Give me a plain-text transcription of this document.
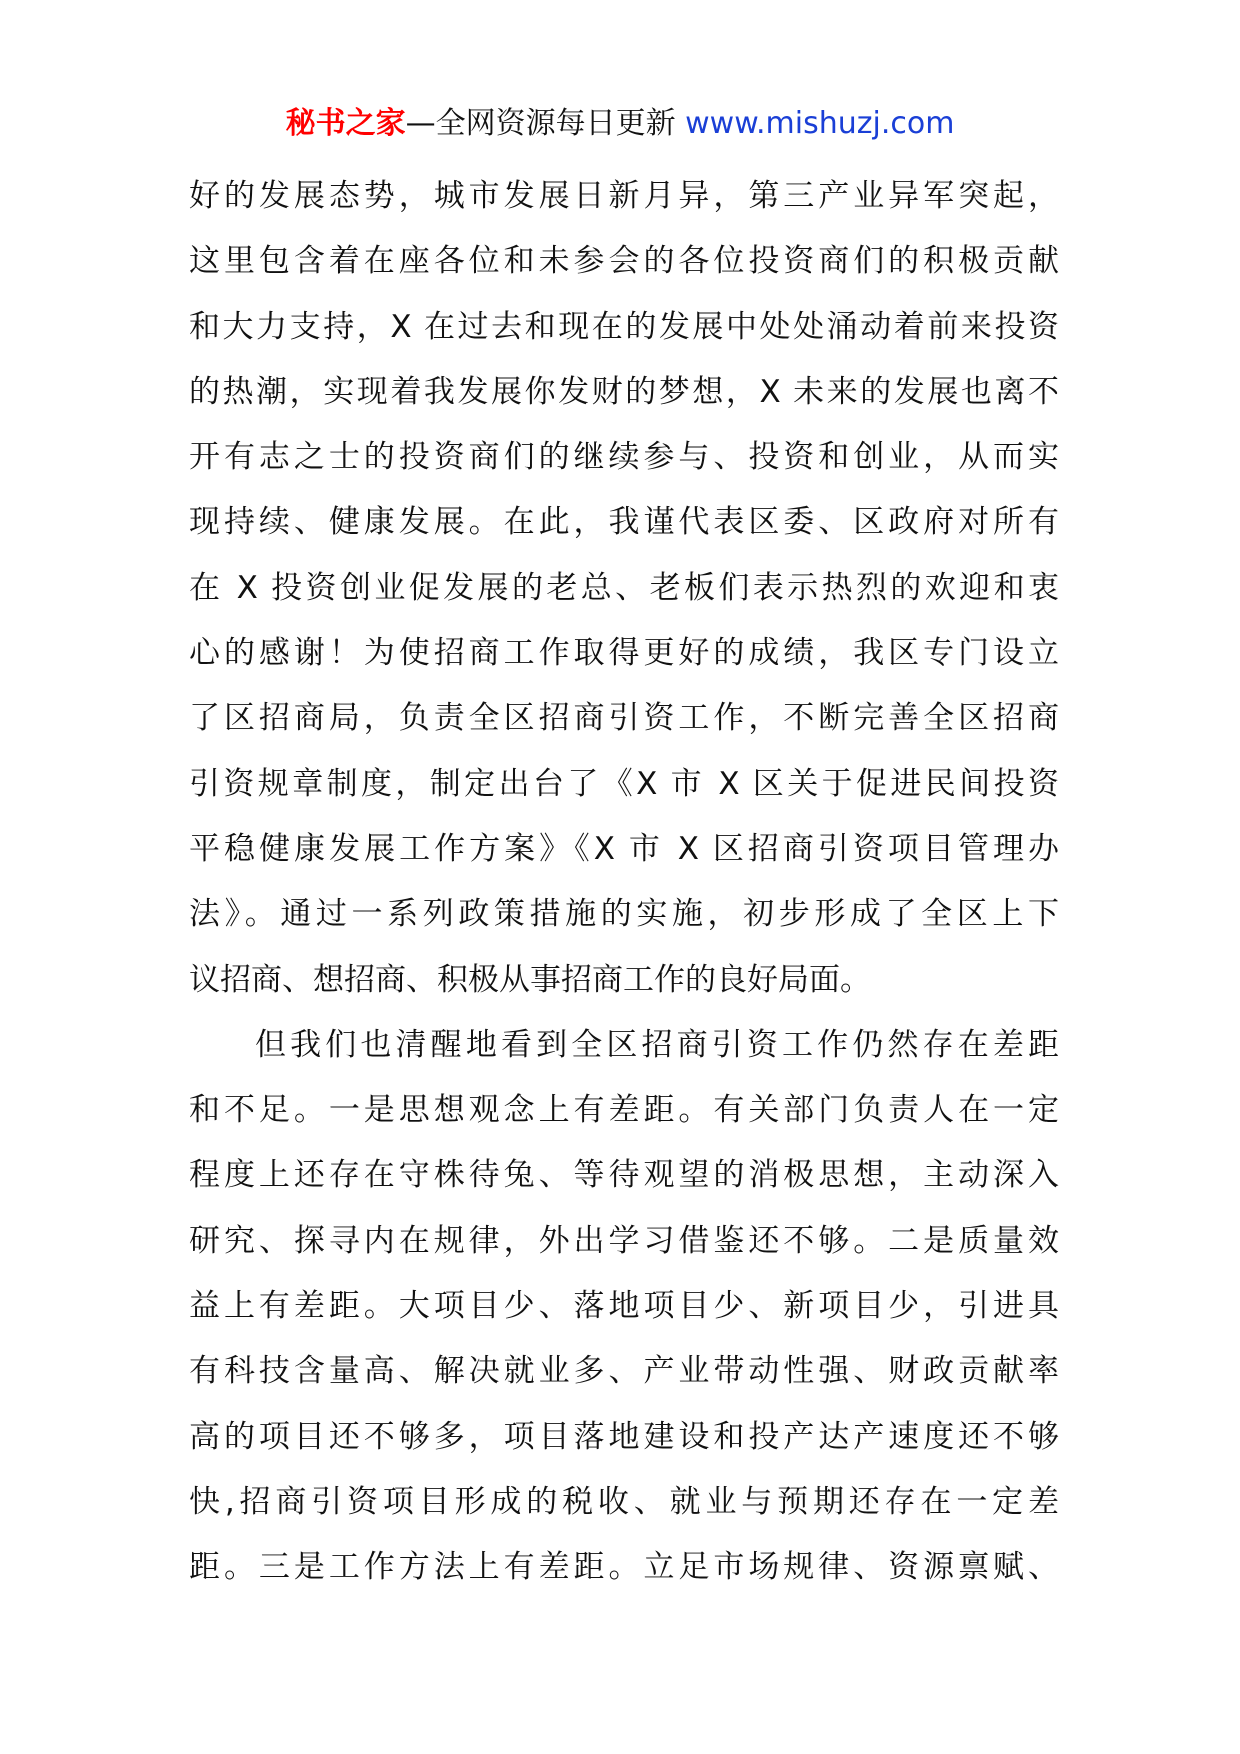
秘书之家—全网资源每日更新 www.mishuzj.com
好的发展态势，城市发展日新月异，第三产业异军突起，
这里包含着在座各位和未参会的各位投资商们的积极贡献
和大力支持，X 在过去和现在的发展中处处涌动着前来投资
的热潮，实现着我发展你发财的梦想，X 未来的发展也离不
开有志之士的投资商们的继续参与、投资和创业，从而实
现持续、健康发展。在此，我谨代表区委、区政府对所有
在 X 投资创业促发展的老总、老板们表示热烈的欢迎和衷
心的感谢！为使招商工作取得更好的成绩，我区专门设立
了区招商局，负责全区招商引资工作，不断完善全区招商
引资规章制度，制定出台了《X 市 X 区关于促进民间投资
平稳健康发展工作方案》《X 市 X 区招商引资项目管理办
法》。通过一系列政策措施的实施，初步形成了全区上下
议招商、想招商、积极从事招商工作的良好局面。
但我们也清醒地看到全区招商引资工作仍然存在差距
和不足。一是思想观念上有差距。有关部门负责人在一定
程度上还存在守株待兔、等待观望的消极思想，主动深入
研究、探寻内在规律，外出学习借鉴还不够。二是质量效
益上有差距。大项目少、落地项目少、新项目少，引进具
有科技含量高、解决就业多、产业带动性强、财政贡献率
高的项目还不够多，项目落地建设和投产达产速度还不够
快,招商引资项目形成的税收、就业与预期还存在一定差
距。三是工作方法上有差距。立足市场规律、资源禀赋、
